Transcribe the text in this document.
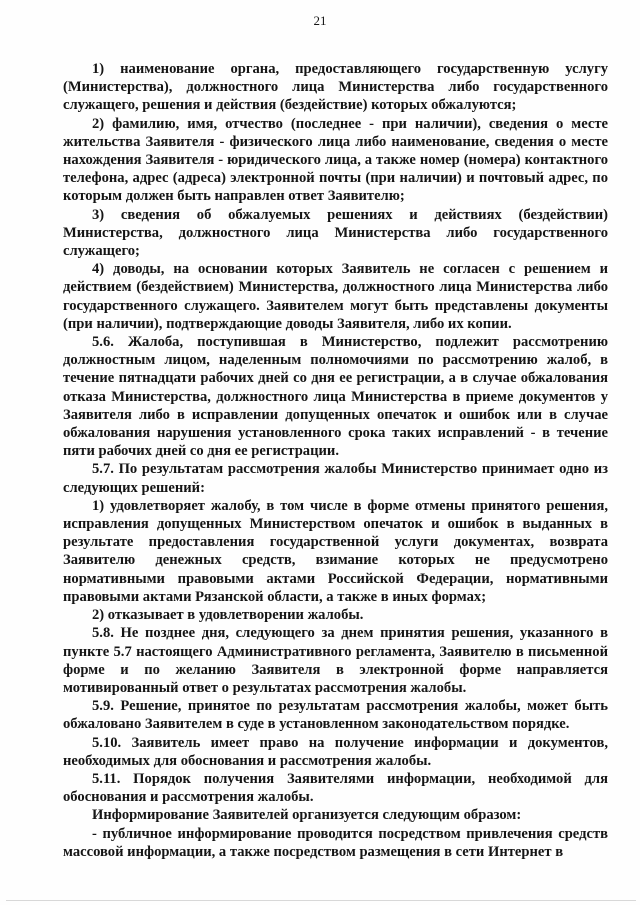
21

1) наименование органа, предоставляющего государственную услугу (Министерства), должностного лица Министерства либо государственного служащего, решения и действия (бездействие) которых обжалуются;

2) фамилию, имя, отчество (последнее - при наличии), сведения о месте жительства Заявителя - физического лица либо наименование, сведения о месте нахождения Заявителя - юридического лица, а также номер (номера) контактного телефона, адрес (адреса) электронной почты (при наличии) и почтовый адрес, по которым должен быть направлен ответ Заявителю;

3) сведения об обжалуемых решениях и действиях (бездействии) Министерства, должностного лица Министерства либо государственного служащего;

4) доводы, на основании которых Заявитель не согласен с решением и действием (бездействием) Министерства, должностного лица Министерства либо государственного служащего. Заявителем могут быть представлены документы (при наличии), подтверждающие доводы Заявителя, либо их копии.

5.6. Жалоба, поступившая в Министерство, подлежит рассмотрению должностным лицом, наделенным полномочиями по рассмотрению жалоб, в течение пятнадцати рабочих дней со дня ее регистрации, а в случае обжалования отказа Министерства, должностного лица Министерства в приеме документов у Заявителя либо в исправлении допущенных опечаток и ошибок или в случае обжалования нарушения установленного срока таких исправлений - в течение пяти рабочих дней со дня ее регистрации.

5.7. По результатам рассмотрения жалобы Министерство принимает одно из следующих решений:

1) удовлетворяет жалобу, в том числе в форме отмены принятого решения, исправления допущенных Министерством опечаток и ошибок в выданных в результате предоставления государственной услуги документах, возврата Заявителю денежных средств, взимание которых не предусмотрено нормативными правовыми актами Российской Федерации, нормативными правовыми актами Рязанской области, а также в иных формах;

2) отказывает в удовлетворении жалобы.

5.8. Не позднее дня, следующего за днем принятия решения, указанного в пункте 5.7 настоящего Административного регламента, Заявителю в письменной форме и по желанию Заявителя в электронной форме направляется мотивированный ответ о результатах рассмотрения жалобы.

5.9. Решение, принятое по результатам рассмотрения жалобы, может быть обжаловано Заявителем в суде в установленном законодательством порядке.

5.10. Заявитель имеет право на получение информации и документов, необходимых для обоснования и рассмотрения жалобы.

5.11. Порядок получения Заявителями информации, необходимой для обоснования и рассмотрения жалобы.

Информирование Заявителей организуется следующим образом:

- публичное информирование проводится посредством привлечения средств массовой информации, а также посредством размещения в сети Интернет в
